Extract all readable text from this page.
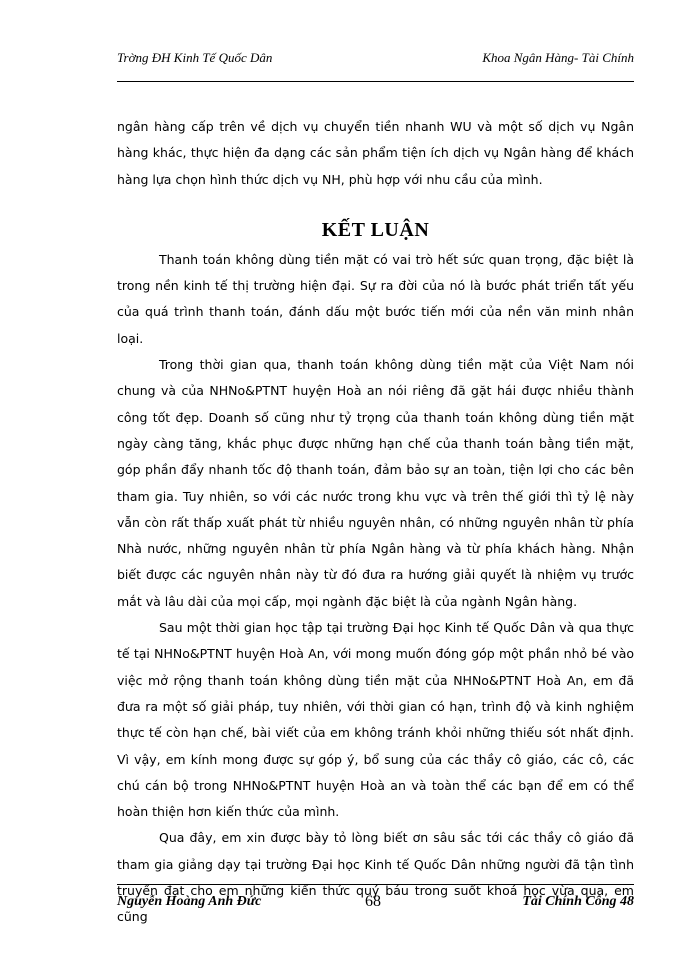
Trờng ĐH Kinh Tế Quốc Dân	Khoa Ngân Hàng- Tài Chính

ngân hàng cấp trên về dịch vụ chuyển tiền nhanh WU và một số dịch vụ Ngân hàng khác, thực hiện đa dạng các sản phẩm tiện ích dịch vụ Ngân hàng để khách hàng lựa chọn hình thức dịch vụ NH, phù hợp với nhu cầu của mình.

KẾT LUẬN

Thanh toán không dùng tiền mặt có vai trò hết sức quan trọng, đặc biệt là trong nền kinh tế thị trường hiện đại. Sự ra đời của nó là bước phát triển tất yếu của quá trình thanh toán, đánh dấu một bước tiến mới của nền văn minh nhân loại.

Trong thời gian qua, thanh toán không dùng tiền mặt của Việt Nam nói chung và của NHNo&PTNT huyện Hoà an nói riêng đã gặt hái được nhiều thành công tốt đẹp. Doanh số cũng như tỷ trọng của thanh toán không dùng tiền mặt ngày càng tăng, khắc phục được những hạn chế của thanh toán bằng tiền mặt, góp phần đẩy nhanh tốc độ thanh toán, đảm bảo sự an toàn, tiện lợi cho các bên tham gia. Tuy nhiên, so với các nước trong khu vực và trên thế giới thì tỷ lệ này vẫn còn rất thấp xuất phát từ nhiều nguyên nhân, có những nguyên nhân từ phía Nhà nước, những nguyên nhân từ phía Ngân hàng và từ phía khách hàng. Nhận biết được các nguyên nhân này từ đó đưa ra hướng giải quyết là nhiệm vụ trước mắt và lâu dài của mọi cấp, mọi ngành đặc biệt là của ngành Ngân hàng.

Sau một thời gian học tập tại trường Đại học Kinh tế Quốc Dân và qua thực tế tại NHNo&PTNT huyện Hoà An, với mong muốn đóng góp một phần nhỏ bé vào việc mở rộng thanh toán không dùng tiền mặt của NHNo&PTNT Hoà An, em đã đưa ra một số giải pháp, tuy nhiên, với thời gian có hạn, trình độ và kinh nghiệm thực tế còn hạn chế, bài viết của em không tránh khỏi những thiếu sót nhất định. Vì vậy, em kính mong được sự góp ý, bổ sung của các thầy cô giáo, các cô, các chú cán bộ trong NHNo&PTNT huyện Hoà an và toàn thể các bạn để em có thể hoàn thiện hơn kiến thức của mình.

Qua đây, em xin được bày tỏ lòng biết ơn sâu sắc tới các thầy cô giáo đã tham gia giảng dạy tại trường Đại học Kinh tế Quốc Dân những người đã tận tình truyền đạt cho em những kiến thức quý báu trong suốt khoá học vừa qua, em cũng

Nguyễn Hoàng Anh Đức	68	Tài Chính Công 48
